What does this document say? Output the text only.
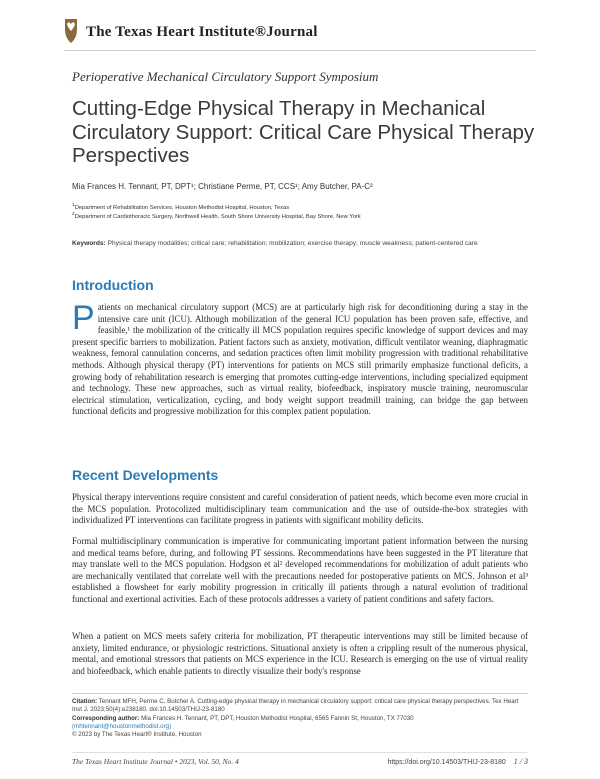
The Texas Heart Institute®Journal
Perioperative Mechanical Circulatory Support Symposium
Cutting-Edge Physical Therapy in Mechanical Circulatory Support: Critical Care Physical Therapy Perspectives
Mia Frances H. Tennant, PT, DPT¹; Christiane Perme, PT, CCS¹; Amy Butcher, PA-C²
$^1$Department of Rehabilitation Services, Houston Methodist Hospital, Houston, Texas
$^2$Department of Cardiothoracic Surgery, Northwell Health, South Shore University Hospital, Bay Shore, New York
Keywords: Physical therapy modalities; critical care; rehabilitation; mobilization; exercise therapy; muscle weakness; patient-centered care
Introduction
P atients on mechanical circulatory support (MCS) are at particularly high risk for deconditioning during a stay in the intensive care unit (ICU). Although mobilization of the general ICU population has been proven safe, effective, and feasible,¹ the mobilization of the critically ill MCS population requires specific knowledge of support devices and may present specific barriers to mobilization. Patient factors such as anxiety, motivation, difficult ventilator weaning, diaphragmatic weakness, femoral cannulation concerns, and sedation practices often limit mobility progression with traditional rehabilitative methods. Although physical therapy (PT) interventions for patients on MCS still primarily emphasize functional deficits, a growing body of rehabilitation research is emerging that promotes cutting-edge interventions, including specialized equipment and technology. These new approaches, such as virtual reality, biofeedback, inspiratory muscle training, neuromuscular electrical stimulation, verticalization, cycling, and body weight support treadmill training, can bridge the gap between functional deficits and progressive mobilization for this complex patient population.

Recent Developments

Physical therapy interventions require consistent and careful consideration of patient needs, which become even more crucial in the MCS population. Protocolized multidisciplinary team communication and the use of outside-the-box strategies with individualized PT interventions can facilitate progress in patients with significant mobility deficits.

Formal multidisciplinary communication is imperative for communicating important patient information between the nursing and medical teams before, during, and following PT sessions. Recommendations have been suggested in the PT literature that may translate well to the MCS population. Hodgson et al² developed recommendations for mobilization of adult patients who are mechanically ventilated that correlate well with the precautions needed for postoperative patients on MCS. Johnson et al³ established a flowsheet for early mobility progression in critically ill patients through a natural evolution of traditional functional and exertional activities. Each of these protocols addresses a variety of patient conditions and safety factors.

When a patient on MCS meets safety criteria for mobilization, PT therapeutic interventions may still be limited because of anxiety, limited endurance, or physiologic restrictions. Situational anxiety is often a crippling result of the numerous physical, mental, and emotional stressors that patients on MCS experience in the ICU. Research is emerging on the use of virtual reality and biofeedback, which enable patients to directly visualize their body's response

Citation: Tennant MFH, Perme C, Butcher A. Cutting-edge physical therapy in mechanical circulatory support: critical care physical therapy perspectives. Tex Heart Inst J. 2023;50(4):e238180. doi:10.14503/THIJ-23-8180
Corresponding author: Mia Frances H. Tennant, PT, DPT, Houston Methodist Hospital, 6565 Fannin St, Houston, TX 77030
(mhtennant@houstonmethodist.org)
© 2023 by The Texas Heart® Institute, Houston
The Texas Heart Institute Journal • 2023, Vol. 50, No. 4	https://doi.org/10.14503/THIJ-23-8180 1 / 3
